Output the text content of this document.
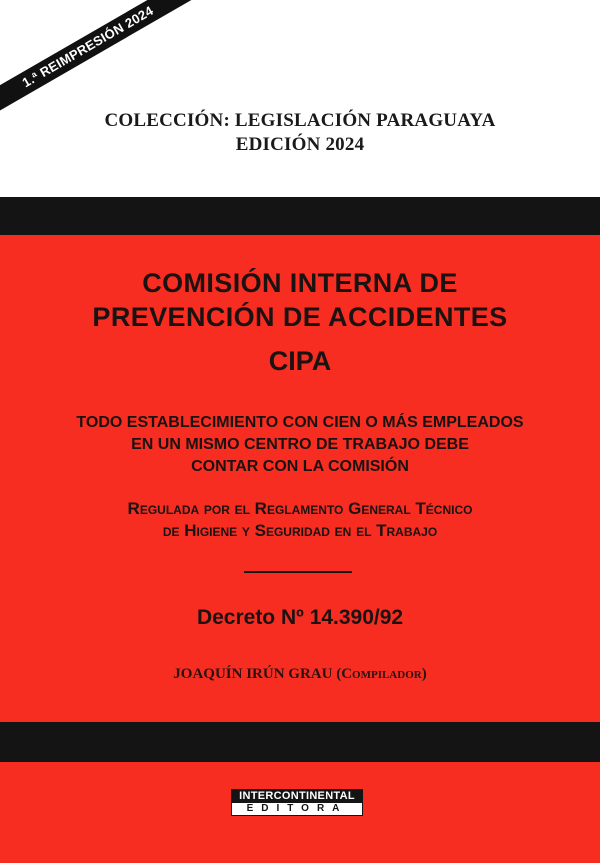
1.ª REIMPRESIÓN 2024
COLECCIÓN: LEGISLACIÓN PARAGUAYA
EDICIÓN 2024
COMISIÓN INTERNA DE
PREVENCIÓN DE ACCIDENTES
CIPA
TODO ESTABLECIMIENTO CON CIEN O MÁS EMPLEADOS
EN UN MISMO CENTRO DE TRABAJO DEBE
CONTAR CON LA COMISIÓN
Regulada por el Reglamento General Técnico
de Higiene y Seguridad en el Trabajo
Decreto Nº 14.390/92
JOAQUÍN IRÚN GRAU (Compilador)
INTERCONTINENTAL
EDITORA
